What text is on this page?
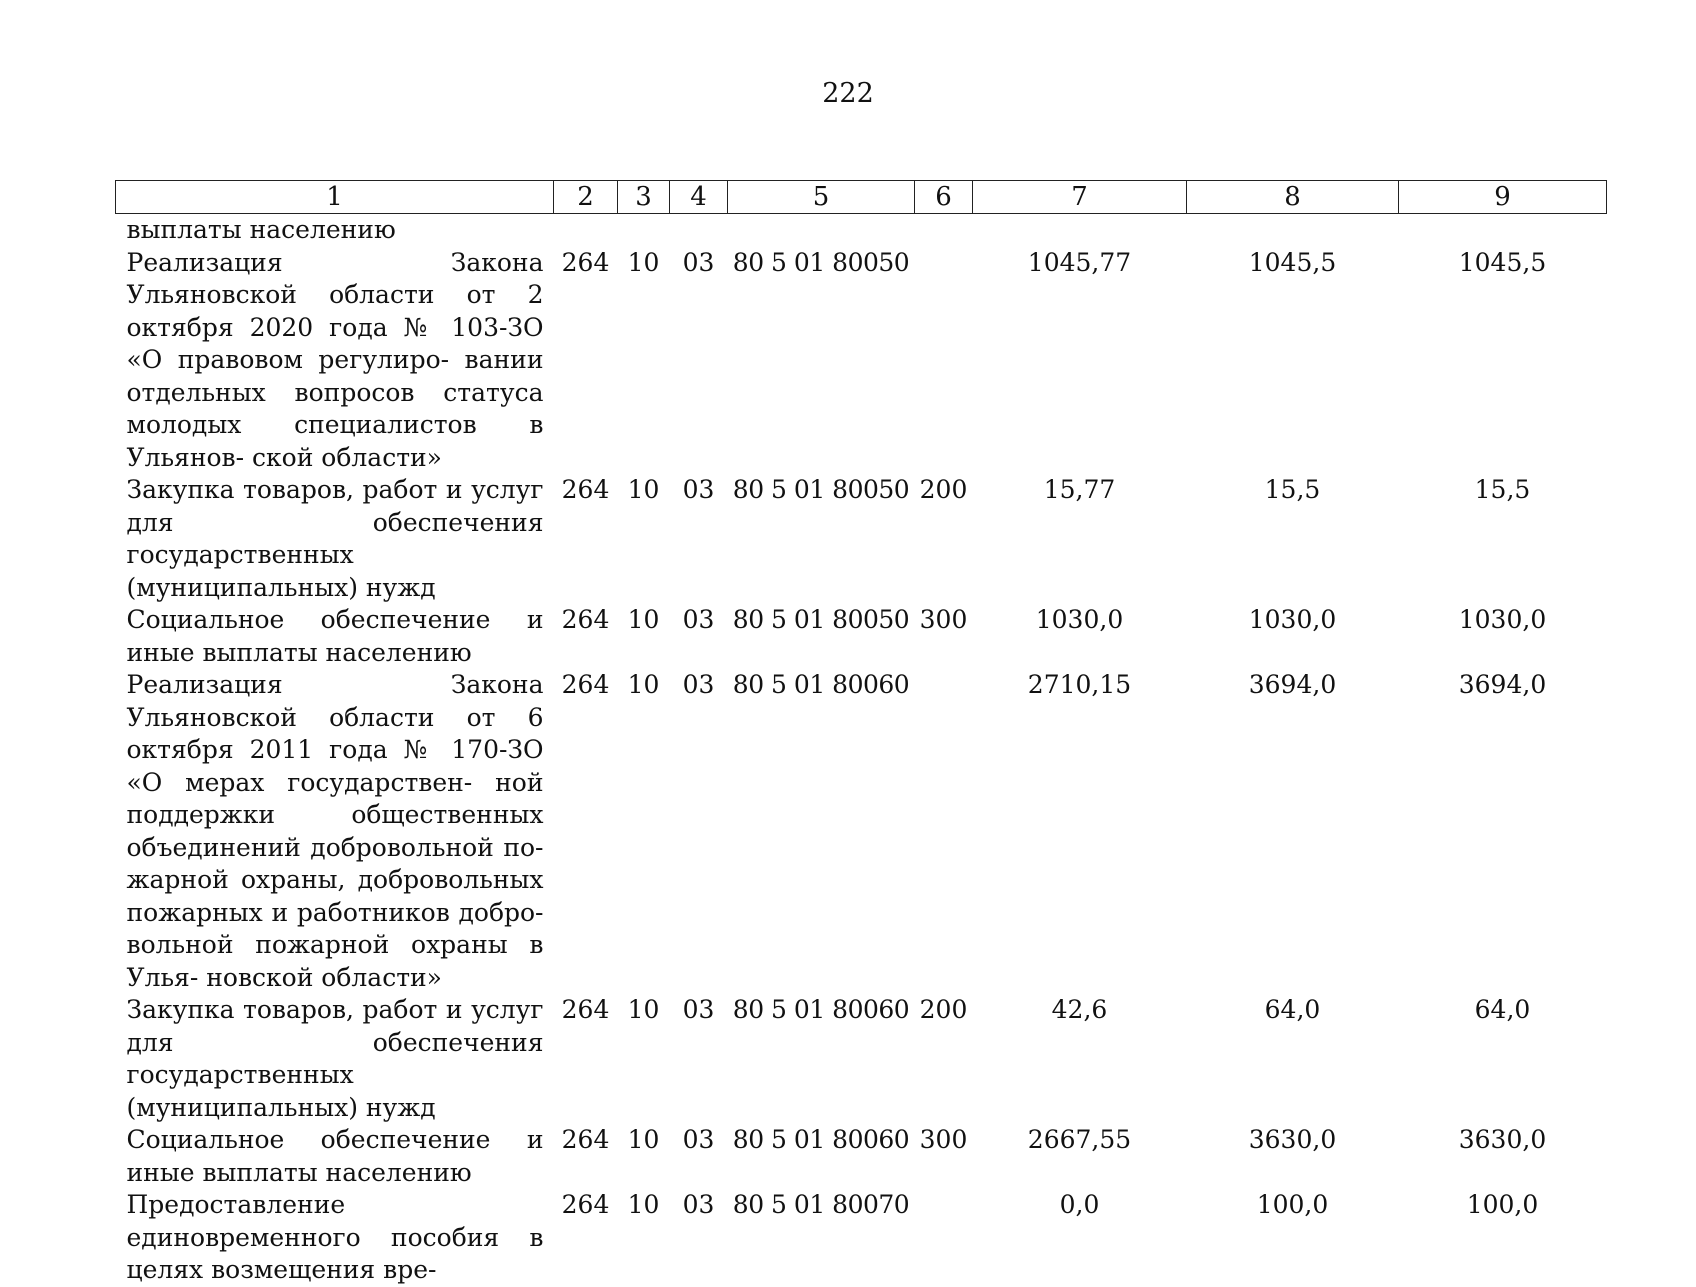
222
1	2	3	4	5	6	7	8	9
выплаты населению								
Реализация Закона Ульяновской области от 2 октября 2020 года № 103-ЗО «О правовом регулиро- вании отдельных вопросов статуса молодых специалистов в Ульянов- ской области»	264	10	03	80 5 01 80050		1045,77	1045,5	1045,5
Закупка товаров, работ и услуг для обеспечения государственных (муниципальных) нужд	264	10	03	80 5 01 80050	200	15,77	15,5	15,5
Социальное обеспечение и иные выплаты населению	264	10	03	80 5 01 80050	300	1030,0	1030,0	1030,0
Реализация Закона Ульяновской области от 6 октября 2011 года № 170-ЗО «О мерах государствен- ной поддержки общественных объединений добровольной по- жарной охраны, добровольных пожарных и работников добро- вольной пожарной охраны в Улья- новской области»	264	10	03	80 5 01 80060		2710,15	3694,0	3694,0
Закупка товаров, работ и услуг для обеспечения государственных (муниципальных) нужд	264	10	03	80 5 01 80060	200	42,6	64,0	64,0
Социальное обеспечение и иные выплаты населению	264	10	03	80 5 01 80060	300	2667,55	3630,0	3630,0
Предоставление единовременного пособия в целях возмещения вре-	264	10	03	80 5 01 80070		0,0	100,0	100,0
